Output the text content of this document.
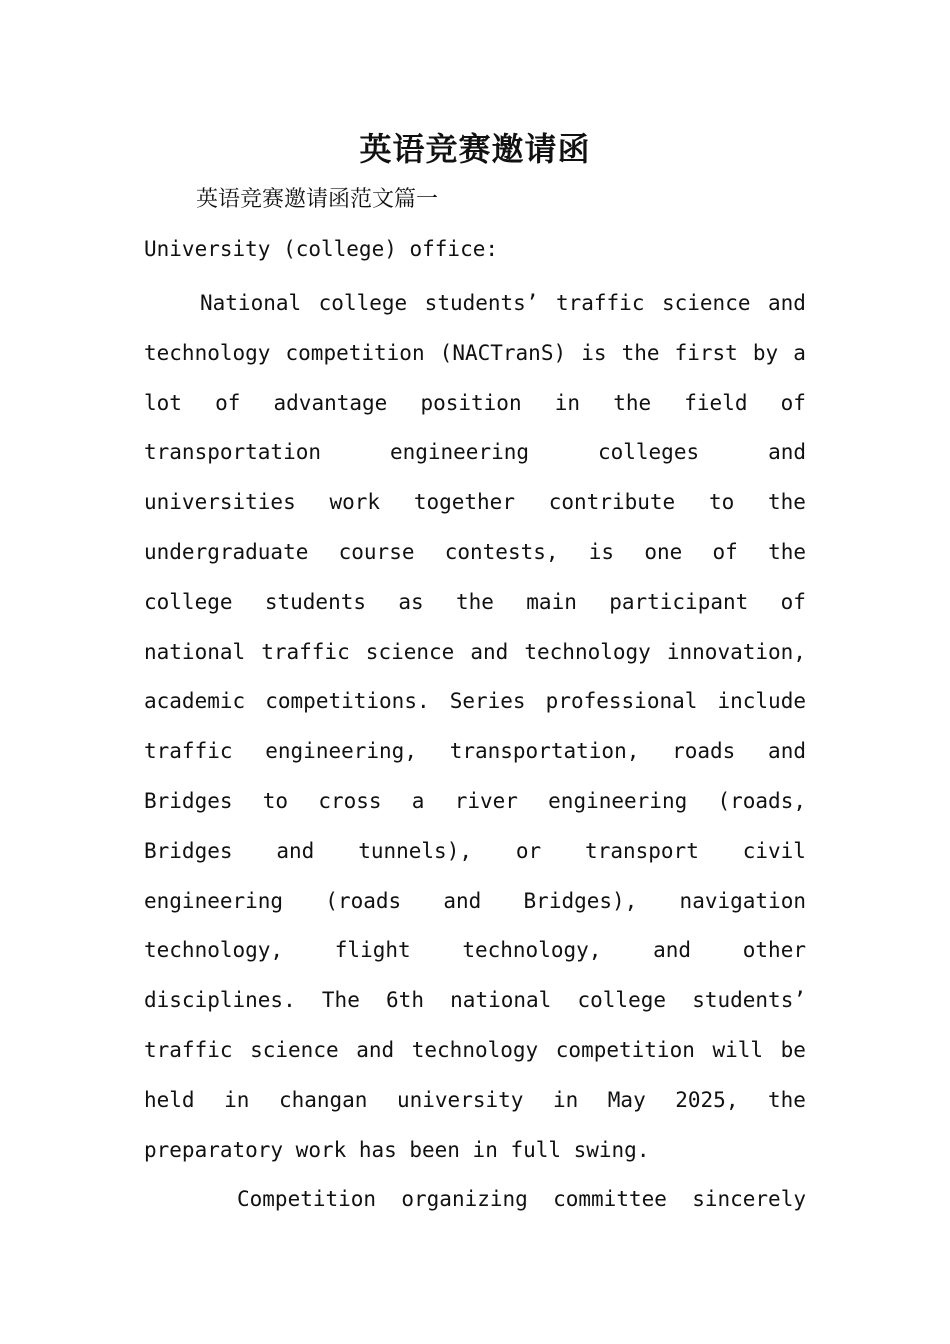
英语竞赛邀请函
英语竞赛邀请函范文篇一
University (college) office:
National college students’ traffic science and
technology competition (NACTranS) is the first by a
lot of advantage position in the field of
transportation	engineering	colleges	and
universities work together contribute to the
undergraduate course contests, is one of the
college students as the main participant of
national traffic science and technology innovation,
academic competitions. Series professional include
traffic engineering, transportation, roads and
Bridges to cross a river engineering (roads,
Bridges and tunnels), or transport civil
engineering (roads and Bridges), navigation
technology, flight technology, and other
disciplines. The 6th national college students’
traffic science and technology competition will be
held in changan university in May 2025, the
preparatory work has been in full swing.
Competition organizing committee sincerely
